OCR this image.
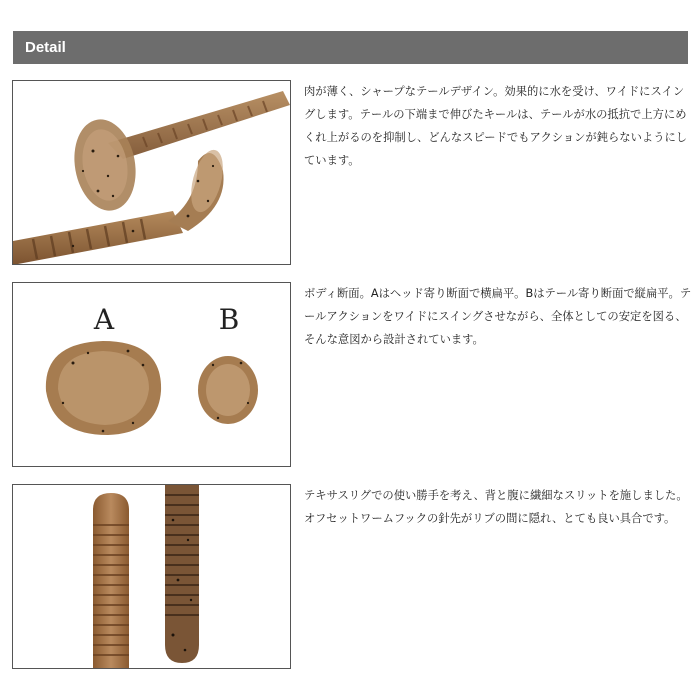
Detail
肉が薄く、シャープなテールデザイン。効果的に水を受け、ワイドにスイングします。テールの下端まで伸びたキールは、テールが水の抵抗で上方にめくれ上がるのを抑制し、どんなスピードでもアクションが鈍らないようにしています。
A	B
ボディ断面。Aはヘッド寄り断面で横扁平。Bはテール寄り断面で縦扁平。テールアクションをワイドにスイングさせながら、全体としての安定を図る、そんな意図から設計されています。
テキサスリグでの使い勝手を考え、背と腹に繊細なスリットを施しました。オフセットワームフックの針先がリブの間に隠れ、とても良い具合です。
